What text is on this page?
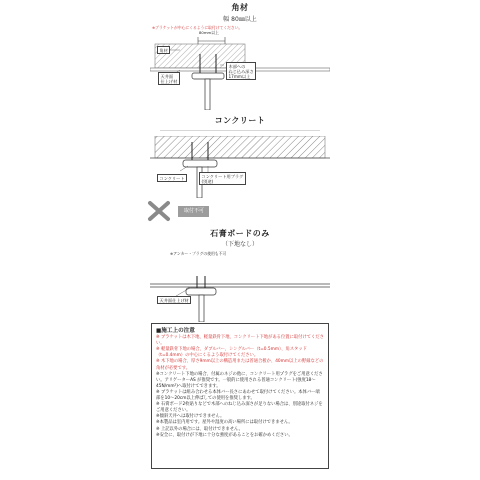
角材
幅 80㎜以上
※ブラケットが中心にくるように取付けてください。
80mm以上
角材
天井面
仕上げ材
木部への
ねじ込み深さ
17mm以上
コンクリート
コンクリート	コンクリート用プラグ
(別途)
取付不可
石膏ボードのみ
（下地なし）
※アンカー・プラグの使用も不可
天井面仕上げ材
■施工上の注意

※ ブラケットは木下地、軽量鉄骨下地、コンクリート下地がある位置に取付けてください。

※ 軽量鉄骨下地の場合、ダブルバー、シングルバー（t=0.5mm）、角スタッド（t=0.4mm）の中心にくるよう取付けてください。

※ 木下地の場合、厚さ9mm以上の構造用または普通合板か、40mm以上の野縁などの角材が必要です。

※コンクリート下地の場合、付属のネジの他に、コンクリート用プラグをご用意ください。アリゲーターAS が推奨です。一般的に使用される普通コンクリート(強度18～45N/mm²)へ取付けてできます。

※ ブラケットは組み合わせる本体バー長さにあわせて取付けてください。本体バー端部を10～20cm以上伸ばしての使用を推奨します。

※ 石膏ボード2枚貼りなどで木部へのねじ込み深さが足りない場合は、別途取付ネジをご用意ください。

※傾斜天井へは取付けできません。

※本製品は室内用です。屋外や湿度の高い場所には取付けできません。

※ 上記以外の場合には、取付けできません。

※安全に、取付けが下地に十分な強度があることをお確かめください。
